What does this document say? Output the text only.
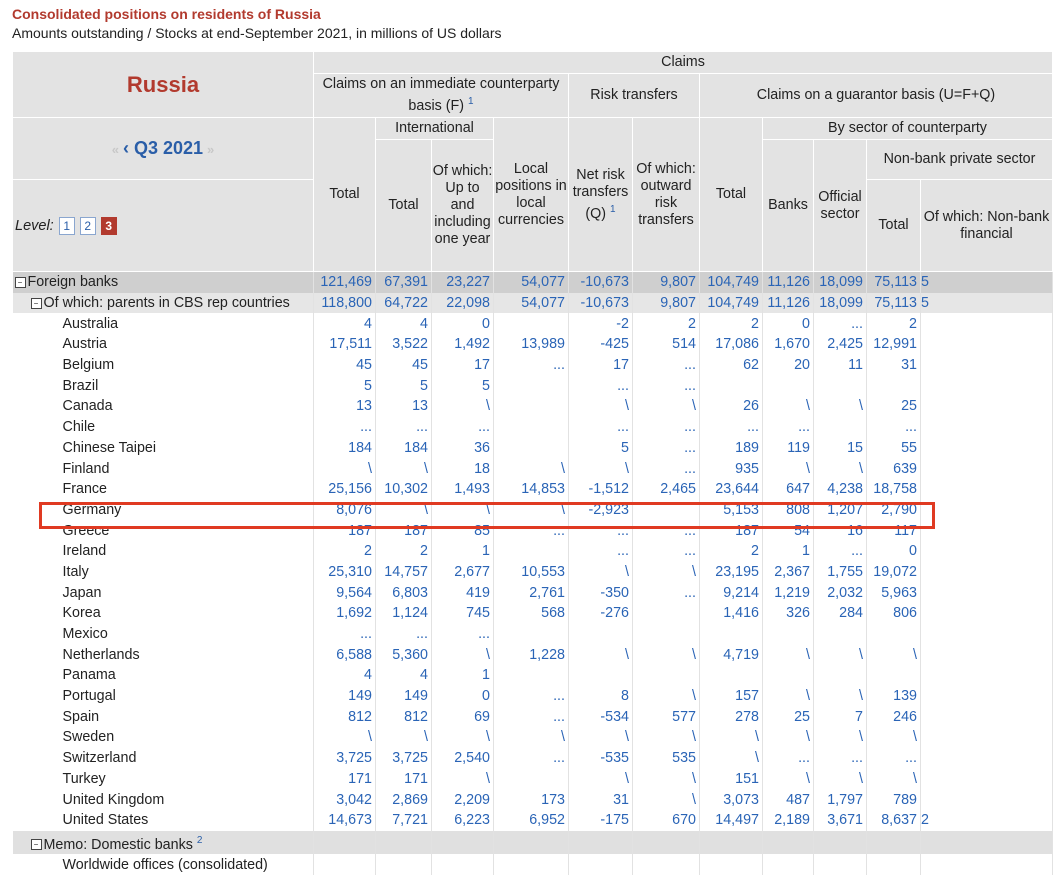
Consolidated positions on residents of Russia
Amounts outstanding / Stocks at end-September 2021, in millions of US dollars
Russia	Claims										
	Claims on an immediate counterparty basis (F) $^1$				Risk transfers		Claims on a guarantor basis (U=F+Q)				
« ‹ Q3 2021 »	Total	International		Local positions in local currencies	Net risk transfers (Q) $^1$	Of which: outward risk transfers	Total	By sector of counterparty			
		Total	Of which: Up to and including one year					Banks	Official sector	Non-bank private sector	
Level: 1 2 3										Total	Of which: Non-bank financial
− Foreign banks	121,469	67,391	23,227	54,077	-10,673	9,807	104,749	11,126	18,099	75,113	5
− Of which: parents in CBS rep countries	118,800	64,722	22,098	54,077	-10,673	9,807	104,749	11,126	18,099	75,113	5
Australia	4	4	0		-2	2	2	0	...	2	
Austria	17,511	3,522	1,492	13,989	-425	514	17,086	1,670	2,425	12,991	
Belgium	45	45	17	...	17	...	62	20	11	31	
Brazil	5	5	5		...	...					
Canada	13	13	\		\	\	26	\	\	25	
Chile	...	...	...		...	...	...	...		...	
Chinese Taipei	184	184	36		5	...	189	119	15	55	
Finland	\	\	18	\	\	...	935	\	\	639	
France	25,156	10,302	1,493	14,853	-1,512	2,465	23,644	647	4,238	18,758	
Germany	8,076	\	\	\	-2,923		5,153	808	1,207	2,790	
Greece	187	187	85	...	...	...	187	54	16	117	
Ireland	2	2	1		...	...	2	1	...	0	
Italy	25,310	14,757	2,677	10,553	\	\	23,195	2,367	1,755	19,072	
Japan	9,564	6,803	419	2,761	-350	...	9,214	1,219	2,032	5,963	
Korea	1,692	1,124	745	568	-276		1,416	326	284	806	
Mexico	...	...	...								
Netherlands	6,588	5,360	\	1,228	\	\	4,719	\	\	\	
Panama	4	4	1								
Portugal	149	149	0	...	8	\	157	\	\	139	
Spain	812	812	69	...	-534	577	278	25	7	246	
Sweden	\	\	\	\	\	\	\	\	\	\	
Switzerland	3,725	3,725	2,540	...	-535	535	\	...	...	...	
Turkey	171	171	\		\	\	151	\	\	\	
United Kingdom	3,042	2,869	2,209	173	31	\	3,073	487	1,797	789	
United States	14,673	7,721	6,223	6,952	-175	670	14,497	2,189	3,671	8,637	2
− Memo: Domestic banks $^2$											
Worldwide offices (consolidated)											
